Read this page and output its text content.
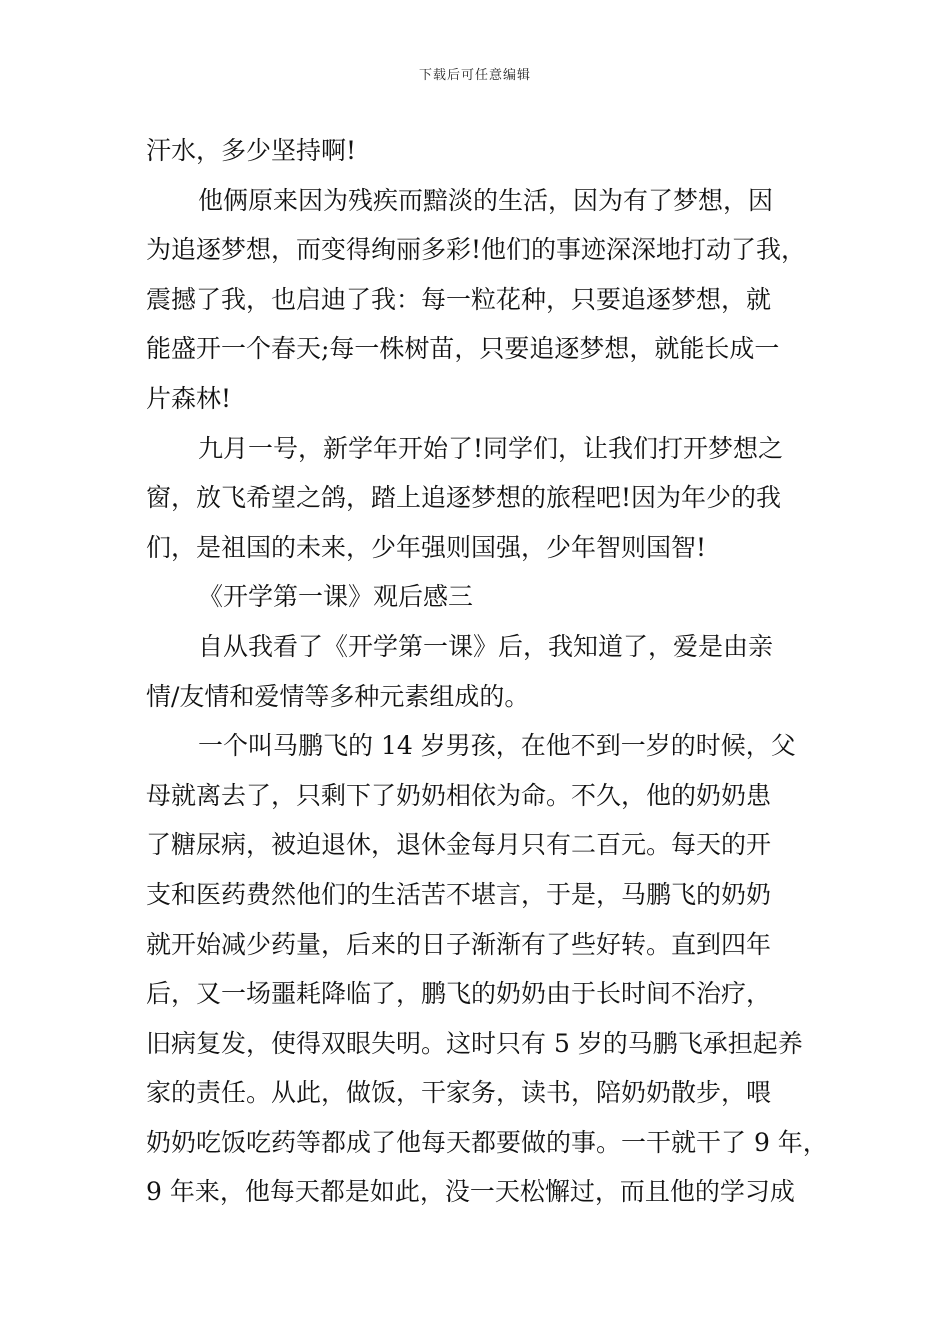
下载后可任意编辑
汗水，多少坚持啊!
他俩原来因为残疾而黯淡的生活，因为有了梦想，因
为追逐梦想，而变得绚丽多彩!他们的事迹深深地打动了我，
震撼了我，也启迪了我：每一粒花种，只要追逐梦想，就
能盛开一个春天;每一株树苗，只要追逐梦想，就能长成一
片森林!
九月一号，新学年开始了!同学们，让我们打开梦想之
窗，放飞希望之鸽，踏上追逐梦想的旅程吧!因为年少的我
们，是祖国的未来，少年强则国强，少年智则国智!
《开学第一课》观后感三
自从我看了《开学第一课》后，我知道了，爱是由亲
情/友情和爱情等多种元素组成的。
一个叫马鹏飞的 14 岁男孩，在他不到一岁的时候，父
母就离去了，只剩下了奶奶相依为命。不久，他的奶奶患
了糖尿病，被迫退休，退休金每月只有二百元。每天的开
支和医药费然他们的生活苦不堪言，于是，马鹏飞的奶奶
就开始减少药量，后来的日子渐渐有了些好转。直到四年
后，又一场噩耗降临了，鹏飞的奶奶由于长时间不治疗，
旧病复发，使得双眼失明。这时只有 5 岁的马鹏飞承担起养
家的责任。从此，做饭，干家务，读书，陪奶奶散步，喂
奶奶吃饭吃药等都成了他每天都要做的事。一干就干了 9 年，
9 年来，他每天都是如此，没一天松懈过，而且他的学习成
